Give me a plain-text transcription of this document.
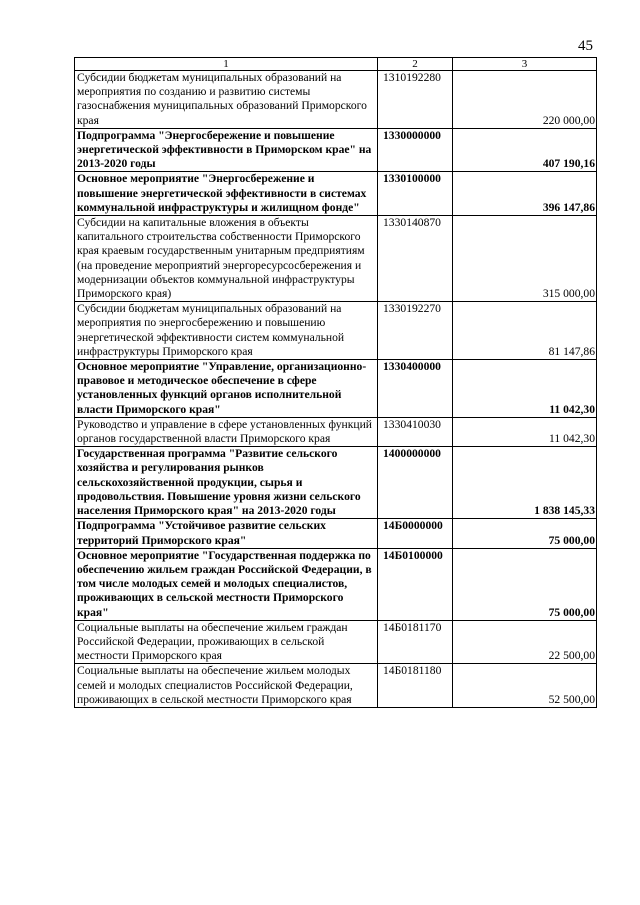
45
1	2	3
Субсидии бюджетам муниципальных образований на мероприятия по созданию и развитию системы газоснабжения муниципальных образований Приморского края	1310192280	220 000,00
Подпрограмма "Энергосбережение и повышение энергетической эффективности в Приморском крае" на 2013-2020 годы	1330000000	407 190,16
Основное мероприятие "Энергосбережение и повышение энергетической эффективности в системах коммунальной инфраструктуры и жилищном фонде"	1330100000	396 147,86
Субсидии на капитальные вложения в объекты капитального строительства собственности Приморского края краевым государственным унитарным предприятиям (на проведение мероприятий энергоресурсосбережения и модернизации объектов коммунальной инфраструктуры Приморского края)	1330140870	315 000,00
Субсидии бюджетам муниципальных образований на мероприятия по энергосбережению и повышению энергетической эффективности систем коммунальной инфраструктуры Приморского края	1330192270	81 147,86
Основное мероприятие "Управление, организационно-правовое и методическое обеспечение в сфере установленных функций органов исполнительной власти Приморского края"	1330400000	11 042,30
Руководство и управление в сфере установленных функций органов государственной власти Приморского края	1330410030	11 042,30
Государственная программа "Развитие сельского хозяйства и регулирования рынков сельскохозяйственной продукции, сырья и продовольствия. Повышение уровня жизни сельского населения Приморского края" на 2013-2020 годы	1400000000	1 838 145,33
Подпрограмма "Устойчивое развитие сельских территорий Приморского края"	14Б0000000	75 000,00
Основное мероприятие "Государственная поддержка по обеспечению жильем граждан Российской Федерации, в том числе молодых семей и молодых специалистов, проживающих в сельской местности Приморского края"	14Б0100000	75 000,00
Социальные выплаты на обеспечение жильем граждан Российской Федерации, проживающих в сельской местности Приморского края	14Б0181170	22 500,00
Социальные выплаты на обеспечение жильем молодых семей и молодых специалистов Российской Федерации, проживающих в сельской местности Приморского края	14Б0181180	52 500,00
